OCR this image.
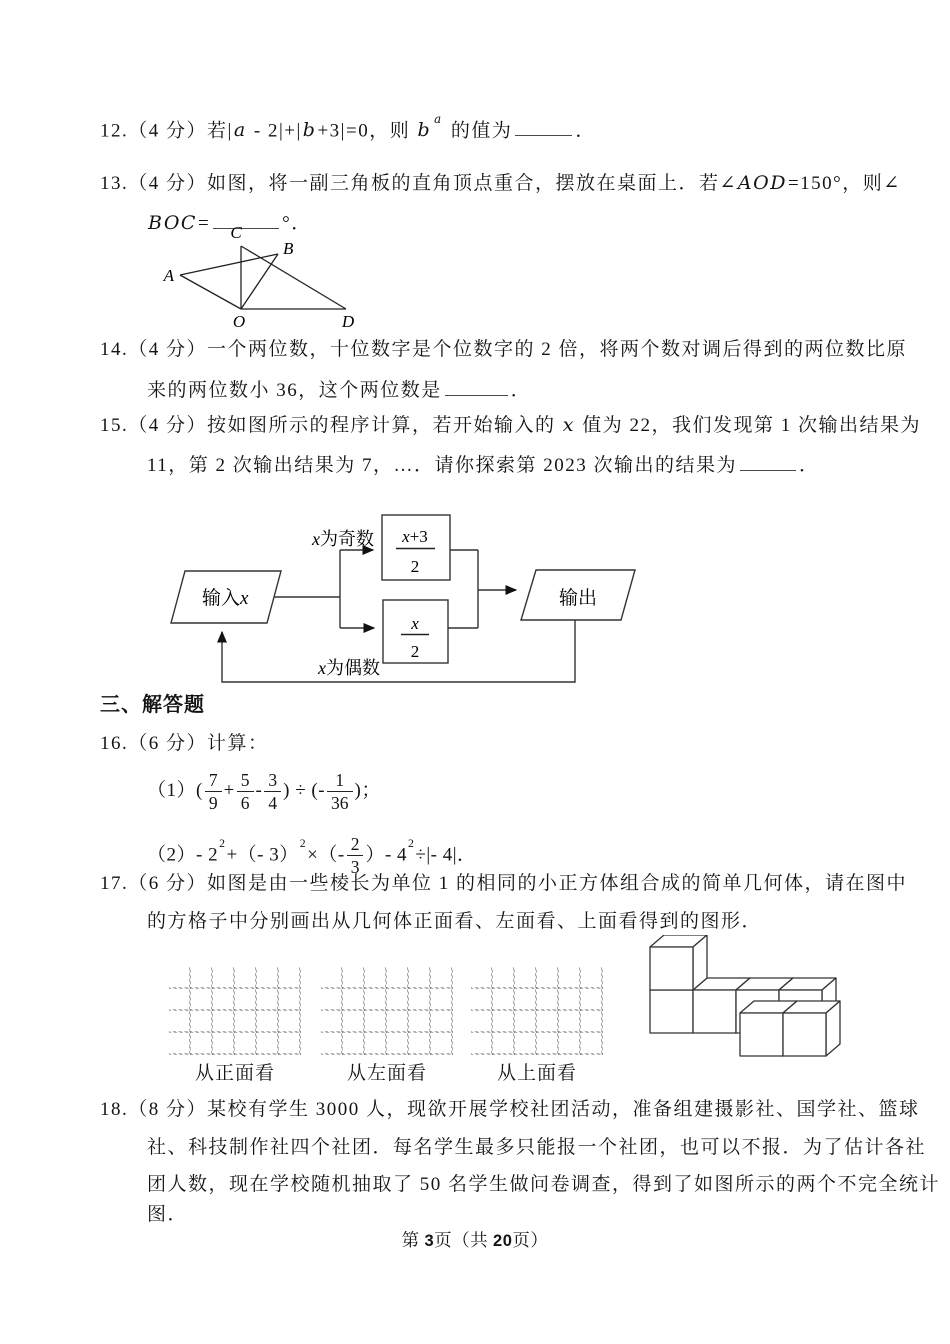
12.（4 分）若|a - 2|+|b+3|=0，则 $b^a$ 的值为	．
13.（4 分）如图，将一副三角板的直角顶点重合，摆放在桌面上．若∠AOD=150°，则∠
BOC=	°．
A
B
C
O	D
14.（4 分）一个两位数，十位数字是个位数字的 2 倍，将两个数对调后得到的两位数比原
来的两位数小 36，这个两位数是	．
15.（4 分）按如图所示的程序计算，若开始输入的 x 值为 22，我们发现第 1 次输出结果为
11，第 2 次输出结果为 7，…．请你探索第 2023 次输出的结果为	．
输入x
x为奇数
x为偶数
x+3
2
x
2
输出
三、解答题
16.（6 分）计算：
$(1)( \frac{7}{9} + \frac{5}{6} - \frac{3}{4}$ ) ÷ (- $\frac{1}{36}$ )；
（2）- $2^2+(-$ $3)^2\times(- \frac{2}{3}$ ）- $4^2\div|-$ 4|．
17.（6 分）如图是由一些棱长为单位 1 的相同的小正方体组合成的简单几何体，请在图中
的方格子中分别画出从几何体正面看、左面看、上面看得到的图形．
从正面看	从左面看	从上面看
18.（8 分）某校有学生 3000 人，现欲开展学校社团活动，准备组建摄影社、国学社、篮球
社、科技制作社四个社团．每名学生最多只能报一个社团，也可以不报．为了估计各社
团人数，现在学校随机抽取了 50 名学生做问卷调查，得到了如图所示的两个不完全统计
图．
第 3页（共 20页）
